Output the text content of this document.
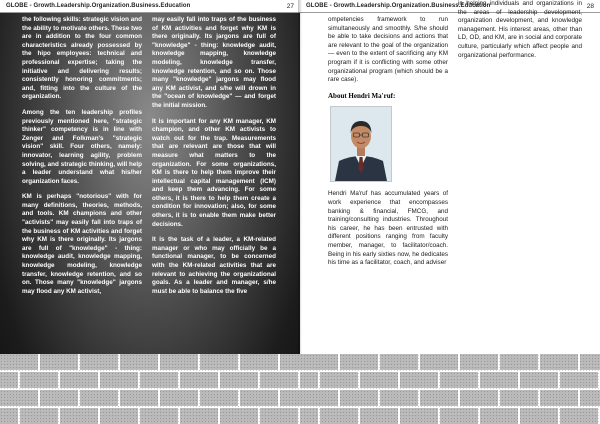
GLOBE - Growth.Leadership.Organization.Business.Education	27

the following skills: strategic vision and the ability to motivate others. These two are in addition to the four common characteristics already possessed by the hipo employees: technical and professional expertise; taking the initiative and delivering results; consistently honoring commitments; and, fitting into the culture of the organization.

Among the ten leadership profiles previously mentioned here, "strategic thinker" competency is in line with Zenger and Folkman's "strategic vision" skill. Four others, namely: innovator, learning agility, problem solving, and strategic thinking, will help a leader understand what his/her organization faces.

KM is perhaps "notorious" with for many definitions, theories, methods, and tools. KM champions and other "activists" may easily fall into traps of the business of KM activities and forget why KM is there originally. Its jargons are full of "knowledge" - thing: knowledge audit, knowledge mapping, knowledge modeling, knowledge transfer, knowledge retention, and so on. Those many "knowledge" jargons may flood any KM activist,

may easily fall into traps of the business of KM activities and forget why KM is there originally. Its jargons are full of "knowledge" - thing: knowledge audit, knowledge mapping, knowledge modeling, knowledge transfer, knowledge retention, and so on. Those many "knowledge" jargons may flood any KM activist, and s/he will drown in the "ocean of knowledge" — and forget the initial mission.

It is important for any KM manager, KM champion, and other KM activists to watch out for the trap. Measurements that are relevant are those that will measure what matters to the organization. For some organizations, KM is there to help them improve their intellectual capital management (ICM) and keep them advancing. For some others, it is there to help them create a condition for innovation; also, for some others, it is to enable them make better decisions.

It is the task of a leader, a KM-related manager or who may officially be a functional manager, to be concerned with the KM-related activities that are relevant to achieving the organizational goals. As a leader and manager, s/he must be able to balance the five

GLOBE - Growth.Leadership.Organization.Business.Education	28

ompetencies framework to run simultaneously and smoothly. S/he should be able to take decisions and actions that are relevant to the goal of the organization — even to the extent of sacrificing any KM program if it is conflicting with some other organizational program (which should be a rare case).

About Hendri Ma'ruf:

Hendri Ma'ruf has accumulated years of work experience that encompasses banking & financial, FMCG, and training/consulting industries. Throughout his career, he has been entrusted with different positions ranging from faculty member, manager, to facilitator/coach. Being in his early sixties now, he dedicates his time as a facilitator, coach, and adviser

in helping individuals and organizations in the areas of leadership development, organization development, and knowledge management. His interest areas, other than LD, OD, and KM, are in social and corporate culture, particularly which affect people and organizational performance.
